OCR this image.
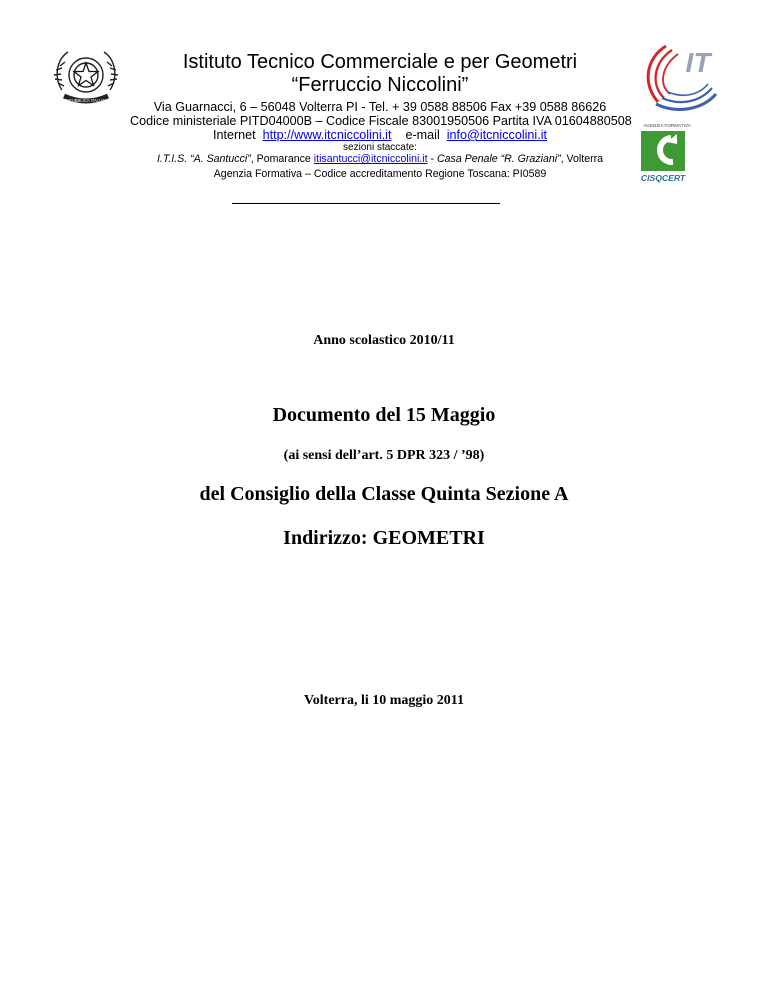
REPUBBLICA ITALIANA
IT
AGENZIA FORMATIVA
CISQCERT
Istituto Tecnico Commerciale e per Geometri
“Ferruccio Niccolini”
Via Guarnacci, 6 – 56048 Volterra PI - Tel. + 39 0588 88506 Fax +39 0588 86626
Codice ministeriale PITD04000B – Codice Fiscale 83001950506 Partita IVA 01604880508
Internet http://www.itcniccolini.it e-mail info@itcniccolini.it
sezioni staccate:
I.T.I.S. “A. Santucci”, Pomarance itisantucci@itcniccolini.it - Casa Penale “R. Graziani”, Volterra
Agenzia Formativa – Codice accreditamento Regione Toscana: PI0589
Anno scolastico 2010/11
Documento del 15 Maggio
(ai sensi dell’art. 5 DPR 323 / ’98)
del Consiglio della Classe Quinta Sezione A
Indirizzo: GEOMETRI
Volterra, li 10 maggio 2011
